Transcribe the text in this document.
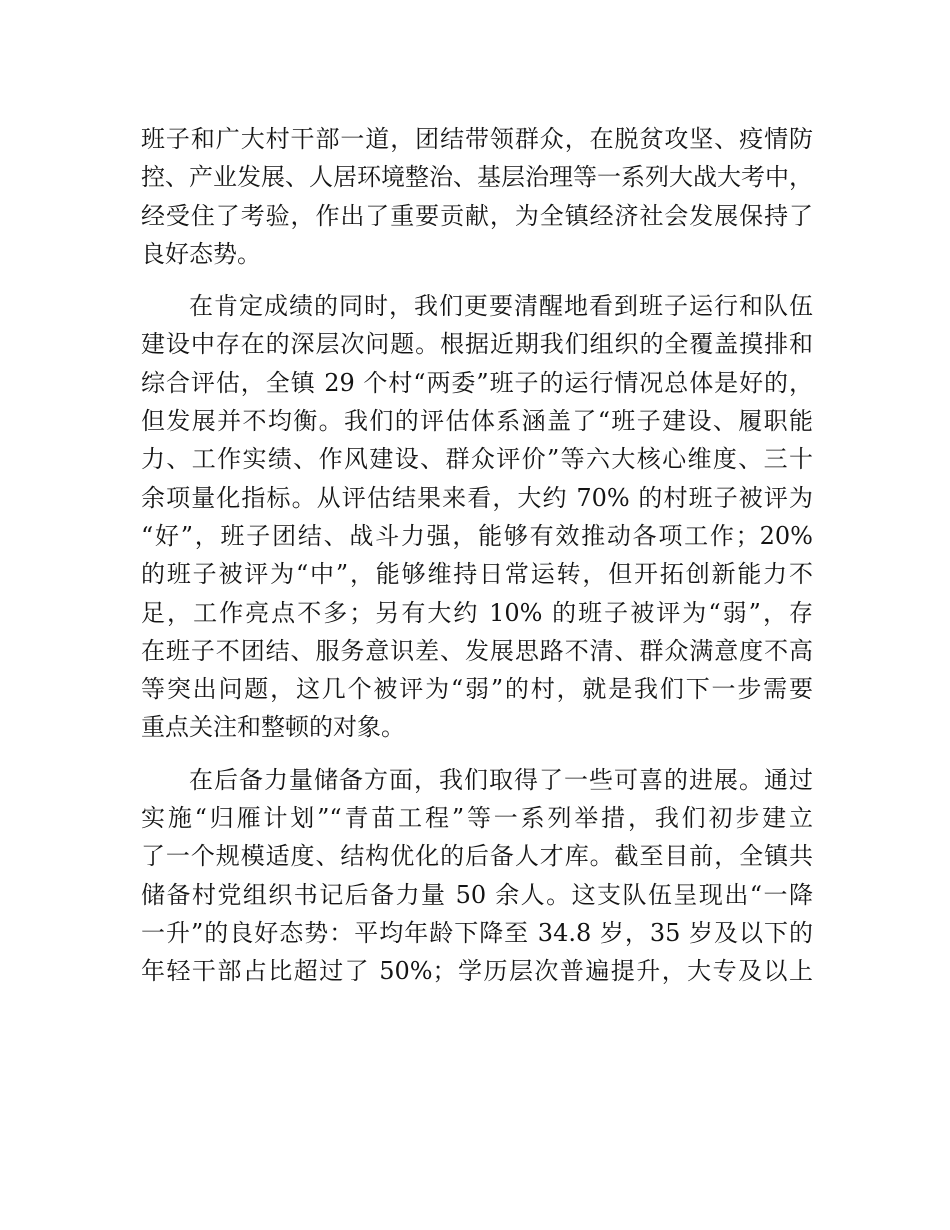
班子和广大村干部一道，团结带领群众，在脱贫攻坚、疫情防
控、产业发展、人居环境整治、基层治理等一系列大战大考中，
经受住了考验，作出了重要贡献，为全镇经济社会发展保持了
良好态势。
在肯定成绩的同时，我们更要清醒地看到班子运行和队伍
建设中存在的深层次问题。根据近期我们组织的全覆盖摸排和
综合评估，全镇 29 个村“两委”班子的运行情况总体是好的，
但发展并不均衡。我们的评估体系涵盖了“班子建设、履职能
力、工作实绩、作风建设、群众评价”等六大核心维度、三十
余项量化指标。从评估结果来看，大约 70% 的村班子被评为
“好”，班子团结、战斗力强，能够有效推动各项工作；20%
的班子被评为“中”，能够维持日常运转，但开拓创新能力不
足，工作亮点不多；另有大约 10% 的班子被评为“弱”，存
在班子不团结、服务意识差、发展思路不清、群众满意度不高
等突出问题，这几个被评为“弱”的村，就是我们下一步需要
重点关注和整顿的对象。
在后备力量储备方面，我们取得了一些可喜的进展。通过
实施“归雁计划”“青苗工程”等一系列举措，我们初步建立
了一个规模适度、结构优化的后备人才库。截至目前，全镇共
储备村党组织书记后备力量 50 余人。这支队伍呈现出“一降
一升”的良好态势：平均年龄下降至 34.8 岁，35 岁及以下的
年轻干部占比超过了 50%；学历层次普遍提升，大专及以上
